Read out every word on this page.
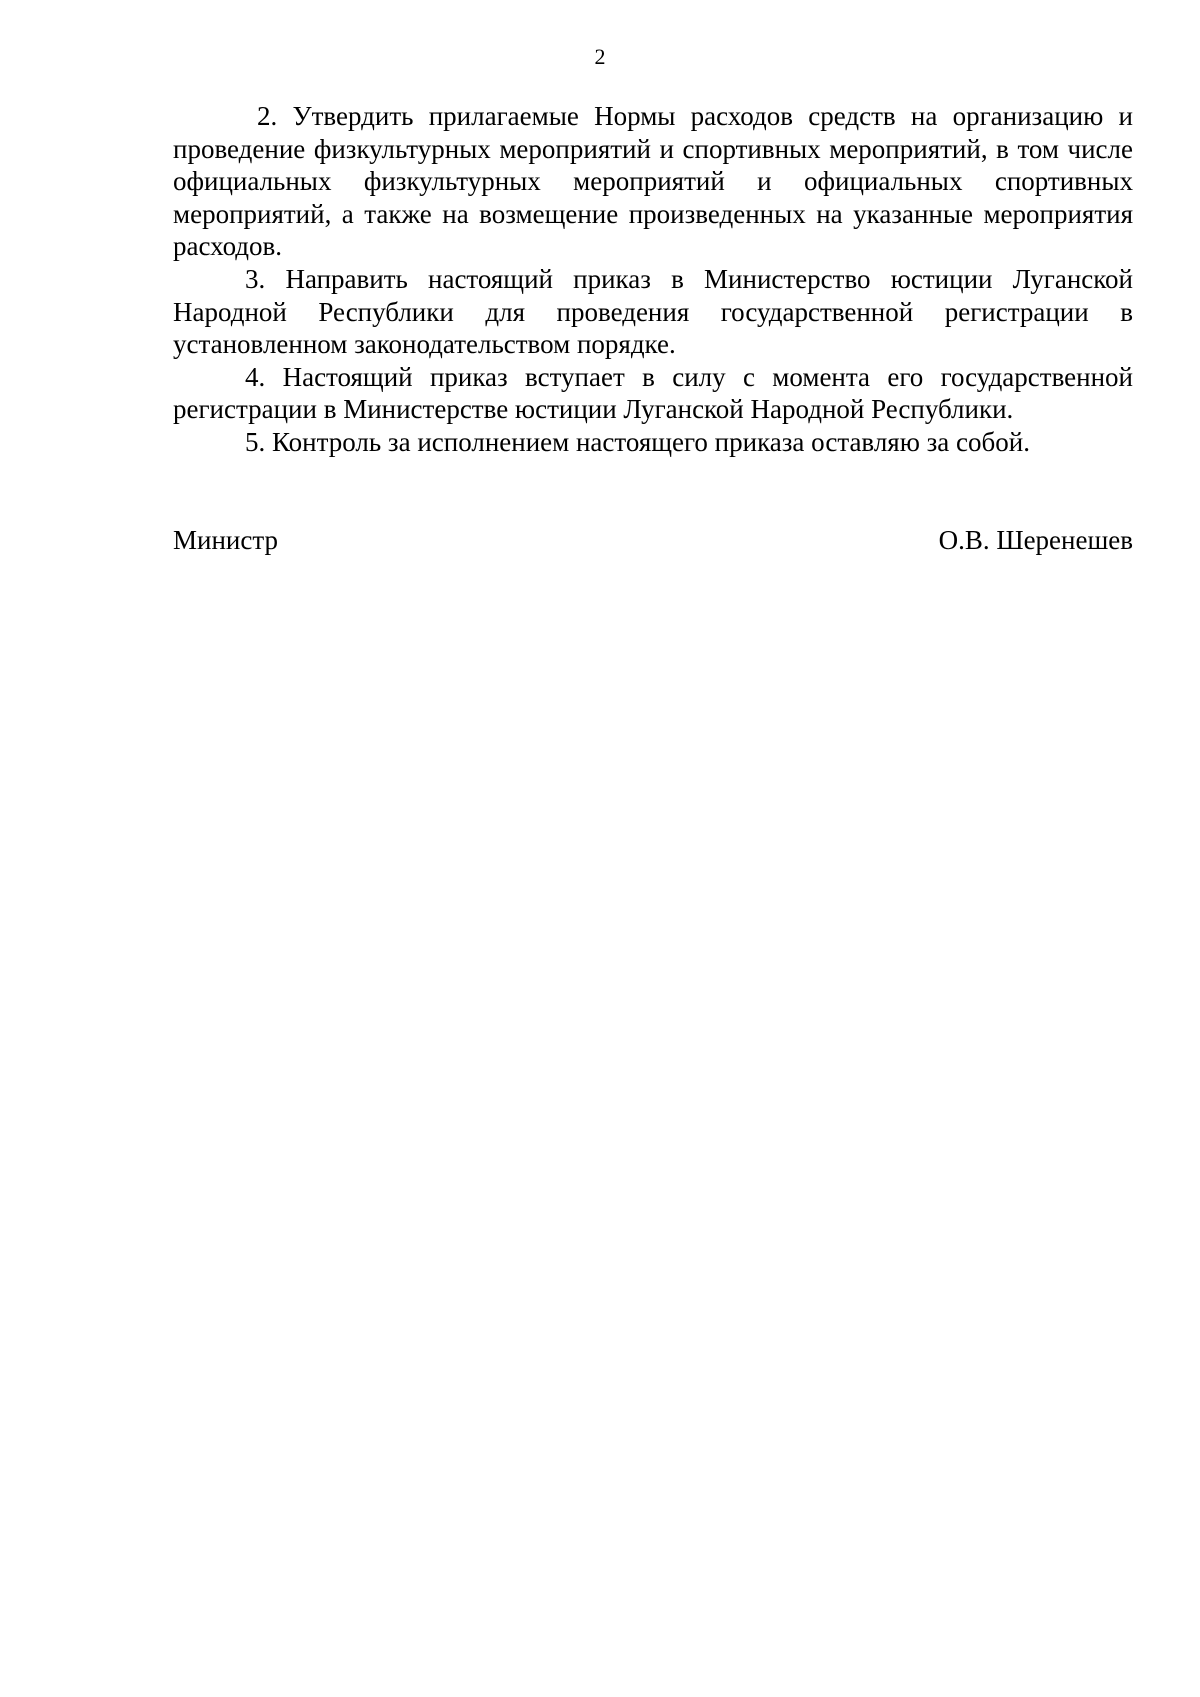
2

2. Утвердить прилагаемые Нормы расходов средств на организацию и проведение физкультурных мероприятий и спортивных мероприятий, в том числе официальных физкультурных мероприятий и официальных спортивных мероприятий, а также на возмещение произведенных на указанные мероприятия расходов.

3. Направить настоящий приказ в Министерство юстиции Луганской Народной Республики для проведения государственной регистрации в установленном законодательством порядке.

4. Настоящий приказ вступает в силу с момента его государственной регистрации в Министерстве юстиции Луганской Народной Республики.

5. Контроль за исполнением настоящего приказа оставляю за собой.

Министр	О.В. Шеренешев
